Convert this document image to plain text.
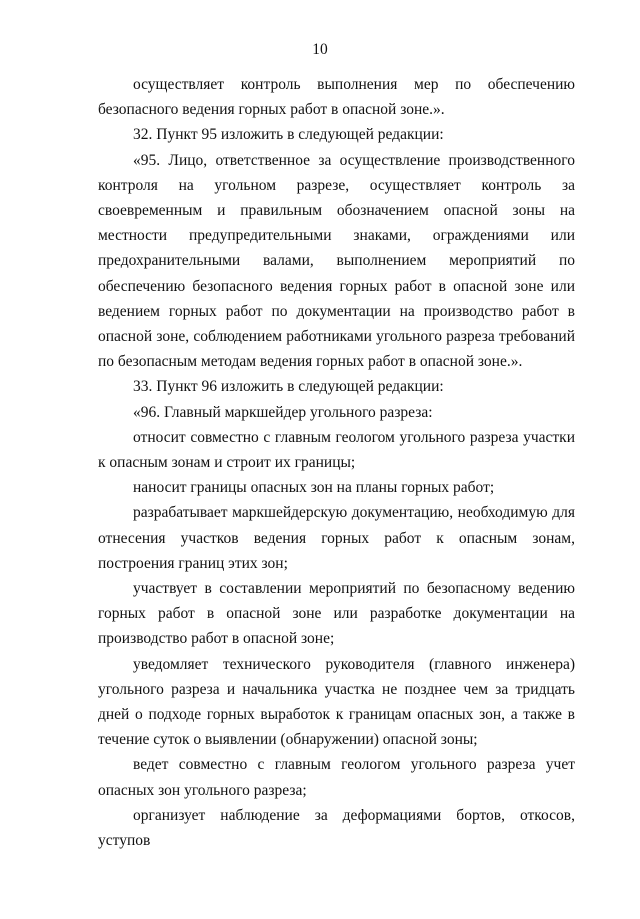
10

осуществляет контроль выполнения мер по обеспечению безопасного ведения горных работ в опасной зоне.».

32. Пункт 95 изложить в следующей редакции:

«95. Лицо, ответственное за осуществление производственного контроля на угольном разрезе, осуществляет контроль за своевременным и правильным обозначением опасной зоны на местности предупредительными знаками, ограждениями или предохранительными валами, выполнением мероприятий по обеспечению безопасного ведения горных работ в опасной зоне или ведением горных работ по документации на производство работ в опасной зоне, соблюдением работниками угольного разреза требований по безопасным методам ведения горных работ в опасной зоне.».

33. Пункт 96 изложить в следующей редакции:

«96. Главный маркшейдер угольного разреза:

относит совместно с главным геологом угольного разреза участки к опасным зонам и строит их границы;

наносит границы опасных зон на планы горных работ;

разрабатывает маркшейдерскую документацию, необходимую для отнесения участков ведения горных работ к опасным зонам, построения границ этих зон;

участвует в составлении мероприятий по безопасному ведению горных работ в опасной зоне или разработке документации на производство работ в опасной зоне;

уведомляет технического руководителя (главного инженера) угольного разреза и начальника участка не позднее чем за тридцать дней о подходе горных выработок к границам опасных зон, а также в течение суток о выявлении (обнаружении) опасной зоны;

ведет совместно с главным геологом угольного разреза учет опасных зон угольного разреза;

организует наблюдение за деформациями бортов, откосов, уступов
